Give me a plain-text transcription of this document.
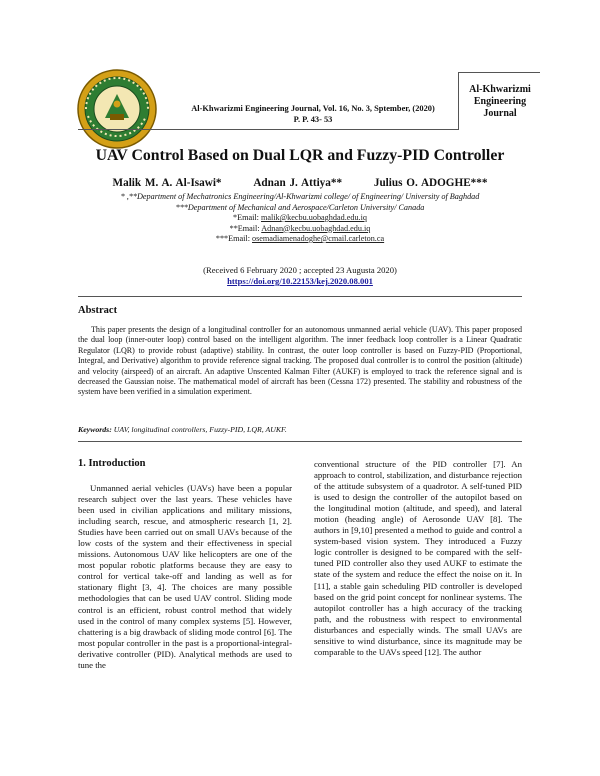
Al-Khwarizmi Engineering Journal, Vol. 16, No. 3, Sptember, (2020)
P. P. 43- 53
Al-Khwarizmi
Engineering
Journal
UAV Control Based on Dual LQR and Fuzzy-PID Controller
Malik M. A. Al-Isawi*	Adnan J. Attiya**	Julius O. ADOGHE***
* ,**Department of Mechatronics Engineering/Al-Khwarizmi college/ of Engineering/ University of Baghdad
***Department of Mechanical and Aerospace/Carleton University/ Canada
*Email: malik@kecbu.uobaghdad.edu.iq
**Email: Adnan@kecbu.uobaghdad.edu.iq
***Email: osemadiamenadoghe@cmail.carleton.ca
(Received 6 February 2020 ; accepted 23 Augusta 2020)
https://doi.org/10.22153/kej.2020.08.001
Abstract
This paper presents the design of a longitudinal controller for an autonomous unmanned aerial vehicle (UAV). This paper proposed the dual loop (inner-outer loop) control based on the intelligent algorithm. The inner feedback loop controller is a Linear Quadratic Regulator (LQR) to provide robust (adaptive) stability. In contrast, the outer loop controller is based on Fuzzy-PID (Proportional, Integral, and Derivative) algorithm to provide reference signal tracking. The proposed dual controller is to control the position (altitude) and velocity (airspeed) of an aircraft. An adaptive Unscented Kalman Filter (AUKF) is employed to track the reference signal and is decreased the Gaussian noise. The mathematical model of aircraft has been (Cessna 172) presented. The stability and robustness of the system have been verified in a simulation experiment.
Keywords: UAV, longitudinal controllers, Fuzzy-PID, LQR, AUKF.
1. Introduction
Unmanned aerial vehicles (UAVs) have been a popular research subject over the last years. These vehicles have been used in civilian applications and military missions, including search, rescue, and atmospheric research [1, 2]. Studies have been carried out on small UAVs because of the low costs of the system and their effectiveness in special missions. Autonomous UAV like helicopters are one of the most popular robotic platforms because they are easy to control for vertical take-off and landing as well as for stationary flight [3, 4]. The choices are many possible methodologies that can be used UAV control. Sliding mode control is an efficient, robust control method that widely used in the control of many complex systems [5]. However, chattering is a big drawback of sliding mode control [6]. The most popular controller in the past is a proportional-integral-derivative controller (PID). Analytical methods are used to tune the
conventional structure of the PID controller [7]. An approach to control, stabilization, and disturbance rejection of the attitude subsystem of a quadrotor. A self-tuned PID is used to design the controller of the autopilot based on the longitudinal motion (altitude, and speed), and lateral motion (heading angle) of Aerosonde UAV [8]. The authors in [9,10] presented a method to guide and control a system-based vision system. They introduced a Fuzzy logic controller is designed to be compared with the self-tuned PID controller also they used AUKF to estimate the state of the system and reduce the effect the noise on it. In [11], a stable gain scheduling PID controller is developed based on the grid point concept for nonlinear systems. The autopilot controller has a high accuracy of the tracking path, and the robustness with respect to environmental disturbances and especially winds. The small UAVs are sensitive to wind disturbance, since its magnitude may be comparable to the UAVs speed [12]. The author
